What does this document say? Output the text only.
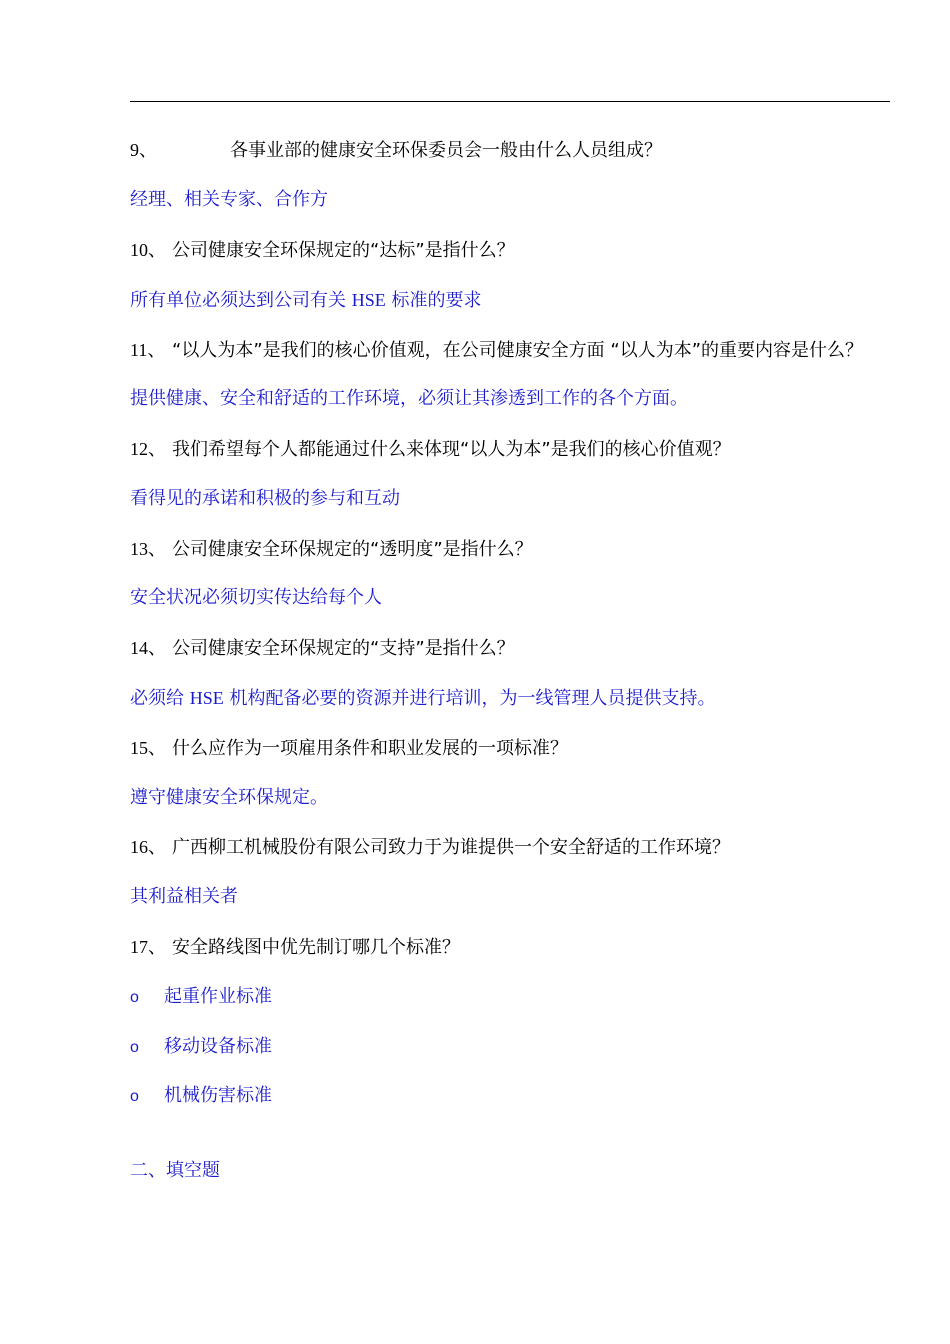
9、	各事业部的健康安全环保委员会一般由什么人员组成？
经理、相关专家、合作方
10、 公司健康安全环保规定的“达标”是指什么？
所有单位必须达到公司有关 HSE 标准的要求
11、 “以人为本”是我们的核心价值观，在公司健康安全方面 “以人为本”的重要内容是什么？
提供健康、安全和舒适的工作环境，必须让其渗透到工作的各个方面。
12、 我们希望每个人都能通过什么来体现“以人为本”是我们的核心价值观？
看得见的承诺和积极的参与和互动
13、 公司健康安全环保规定的“透明度”是指什么？
安全状况必须切实传达给每个人
14、 公司健康安全环保规定的“支持”是指什么？
必须给 HSE 机构配备必要的资源并进行培训，为一线管理人员提供支持。
15、 什么应作为一项雇用条件和职业发展的一项标准？
遵守健康安全环保规定。
16、 广西柳工机械股份有限公司致力于为谁提供一个安全舒适的工作环境？
其利益相关者
17、 安全路线图中优先制订哪几个标准？
o 起重作业标准
o 移动设备标准
o 机械伤害标准
二、填空题
